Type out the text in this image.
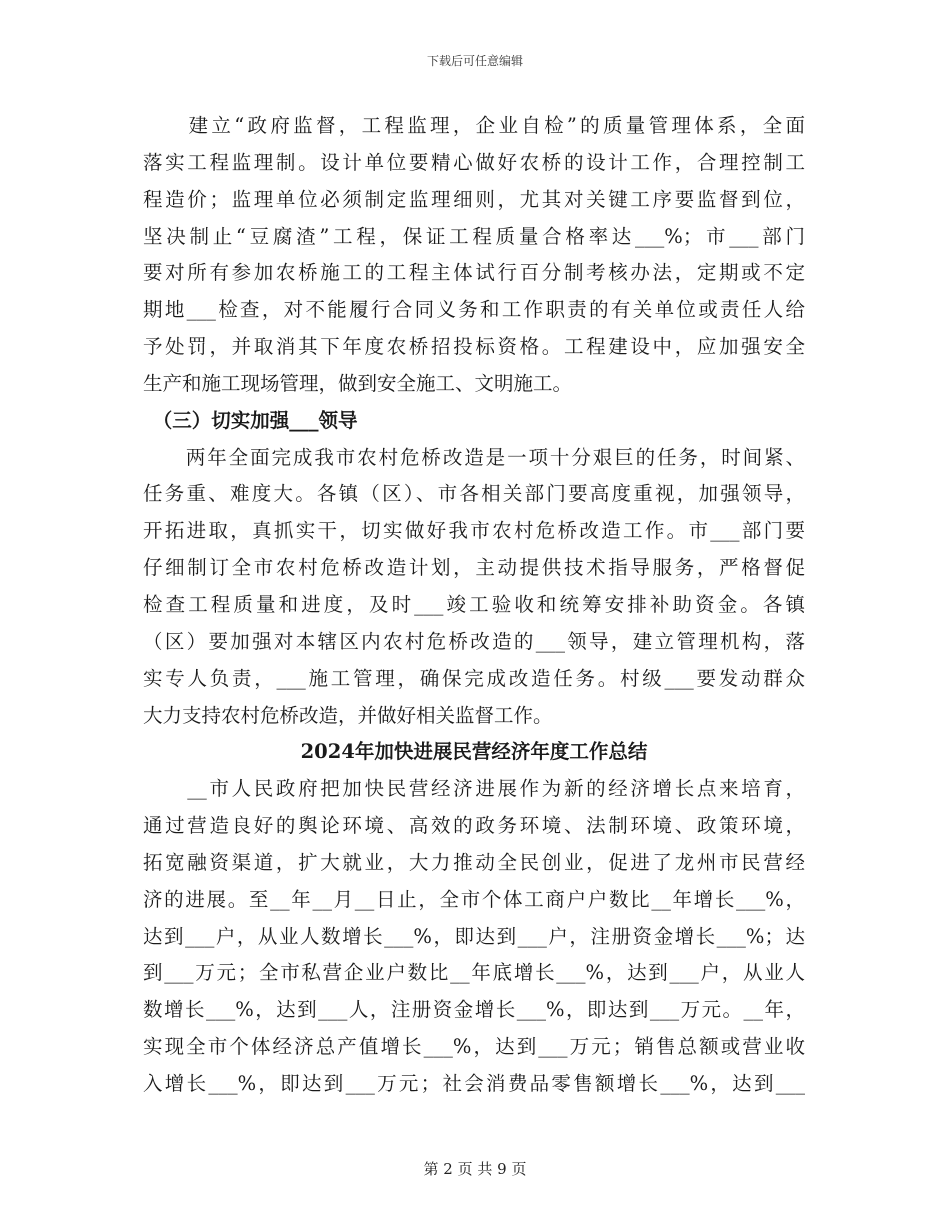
下载后可任意编辑
　　建立“政府监督，工程监理，企业自检”的质量管理体系，全面
落实工程监理制。设计单位要精心做好农桥的设计工作，合理控制工
程造价；监理单位必须制定监理细则，尤其对关键工序要监督到位，
坚决制止“豆腐渣”工程，保证工程质量合格率达___%；市___部门
要对所有参加农桥施工的工程主体试行百分制考核办法，定期或不定
期地___检查，对不能履行合同义务和工作职责的有关单位或责任人给
予处罚，并取消其下年度农桥招投标资格。工程建设中，应加强安全
生产和施工现场管理，做到安全施工、文明施工。
　（三）切实加强___领导
　　两年全面完成我市农村危桥改造是一项十分艰巨的任务，时间紧、
任务重、难度大。各镇（区）、市各相关部门要高度重视，加强领导，
开拓进取，真抓实干，切实做好我市农村危桥改造工作。市___部门要
仔细制订全市农村危桥改造计划，主动提供技术指导服务，严格督促
检查工程质量和进度，及时___竣工验收和统筹安排补助资金。各镇
（区）要加强对本辖区内农村危桥改造的___领导，建立管理机构，落
实专人负责，___施工管理，确保完成改造任务。村级___要发动群众
大力支持农村危桥改造，并做好相关监督工作。
2024年加快进展民营经济年度工作总结
　　__市人民政府把加快民营经济进展作为新的经济增长点来培育，
通过营造良好的舆论环境、高效的政务环境、法制环境、政策环境，
拓宽融资渠道，扩大就业，大力推动全民创业，促进了龙州市民营经
济的进展。至__年__月__日止，全市个体工商户户数比__年增长___%，
达到___户，从业人数增长___%，即达到___户，注册资金增长___%；达
到___万元；全市私营企业户数比__年底增长___%，达到___户，从业人
数增长___%，达到___人，注册资金增长___%，即达到___万元。__年，
实现全市个体经济总产值增长___%，达到___万元；销售总额或营业收
入增长___%，即达到___万元；社会消费品零售额增长___%，达到___
第 2 页 共 9 页
